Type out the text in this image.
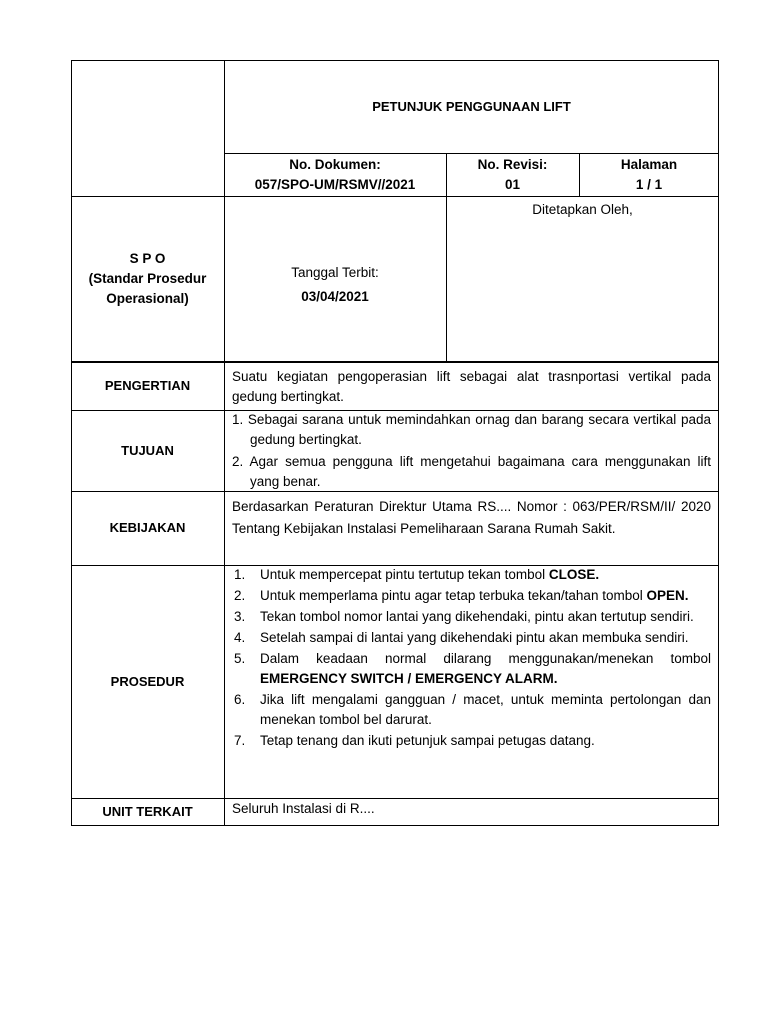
PETUNJUK PENGGUNAAN LIFT
No. Dokumen:
057/SPO-UM/RSMV//2021
No. Revisi:
01
Halaman
1 / 1
S P O
(Standar Prosedur
Operasional)
Tanggal Terbit:
03/04/2021
Ditetapkan Oleh,
PENGERTIAN
Suatu kegiatan pengoperasian lift sebagai alat trasnportasi vertikal pada gedung bertingkat.
TUJUAN
1. Sebagai sarana untuk memindahkan ornag dan barang secara vertikal pada gedung bertingkat.
2. Agar semua pengguna lift mengetahui bagaimana cara menggunakan lift yang benar.
KEBIJAKAN
Berdasarkan Peraturan Direktur Utama RS.... Nomor : 063/PER/RSM/II/ 2020 Tentang Kebijakan Instalasi Pemeliharaan Sarana Rumah Sakit.
PROSEDUR
1. Untuk mempercepat pintu tertutup tekan tombol CLOSE.
2. Untuk memperlama pintu agar tetap terbuka tekan/tahan tombol OPEN.
3. Tekan tombol nomor lantai yang dikehendaki, pintu akan tertutup sendiri.
4. Setelah sampai di lantai yang dikehendaki pintu akan membuka sendiri.
5. Dalam keadaan normal dilarang menggunakan/menekan tombol EMERGENCY SWITCH / EMERGENCY ALARM.
6. Jika lift mengalami gangguan / macet, untuk meminta pertolongan dan menekan tombol bel darurat.
7. Tetap tenang dan ikuti petunjuk sampai petugas datang.
UNIT TERKAIT	Seluruh Instalasi di R....
